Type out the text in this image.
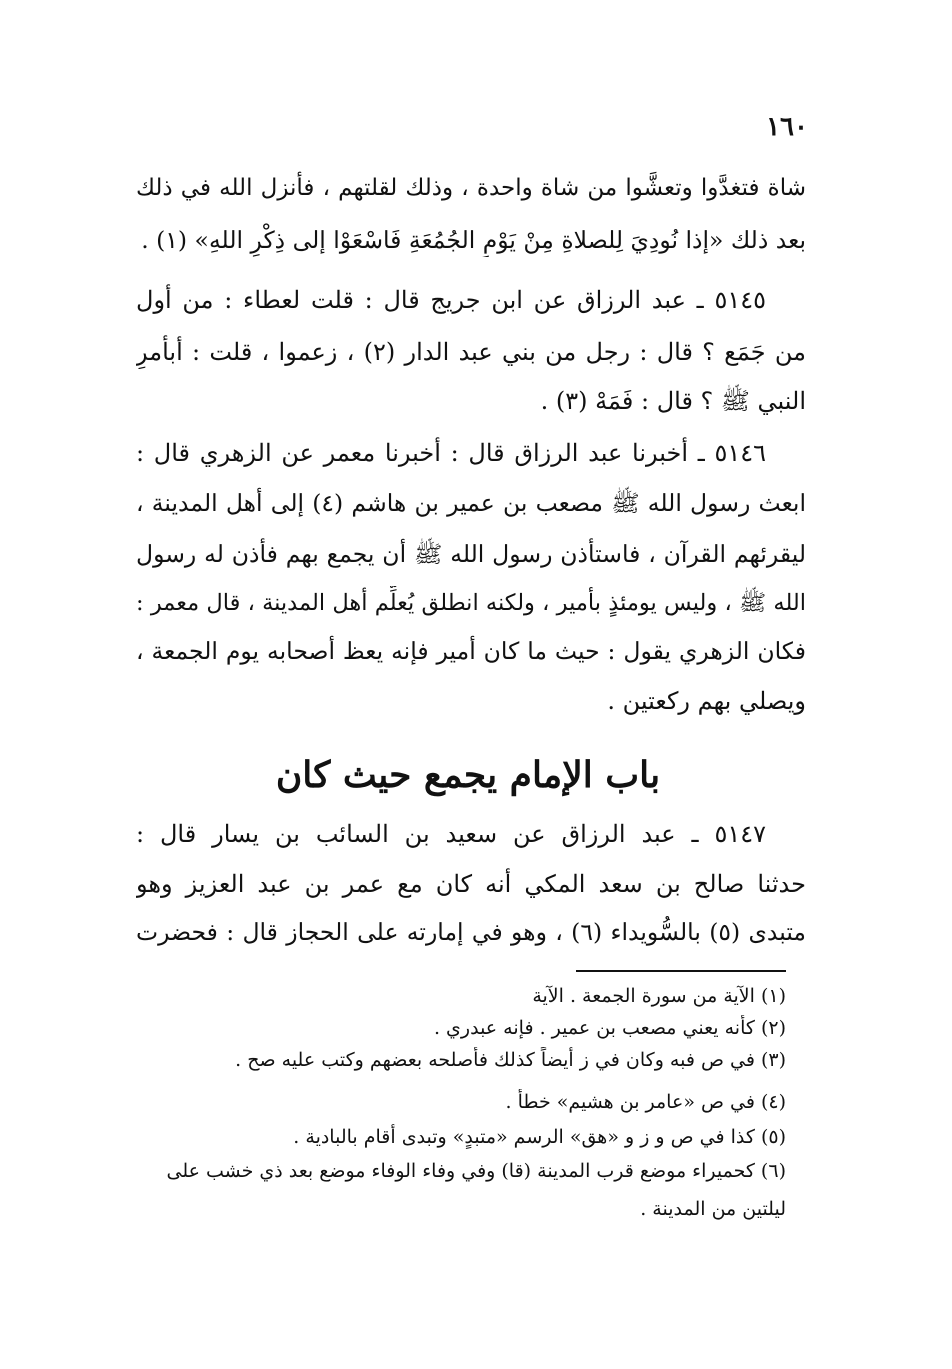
١٦٠
شاة فتغدَّوا وتعشَّوا من شاة واحدة ، وذلك لقلتهم ، فأنزل الله في ذلك
بعد ذلك «إذا نُودِيَ لِلصلاةِ مِنْ يَوْمِ الجُمُعَةِ فَاسْعَوْا إلى ذِكْرِ اللهِ» (١) .
٥١٤٥ ـ عبد الرزاق عن ابن جريج قال : قلت لعطاء : من أول
من جَمَع ؟ قال : رجل من بني عبد الدار (٢) ، زعموا ، قلت : أبأمرِ
النبي ﷺ ؟ قال : فَمَهْ (٣) .
٥١٤٦ ـ أخبرنا عبد الرزاق قال : أخبرنا معمر عن الزهري قال :
ابعث رسول الله ﷺ مصعب بن عمير بن هاشم (٤) إلى أهل المدينة ،
ليقرئهم القرآن ، فاستأذن رسول الله ﷺ أن يجمع بهم فأذن له رسول
الله ﷺ ، وليس يومئذٍ بأمير ، ولكنه انطلق يُعلِّم أهل المدينة ، قال معمر :
فكان الزهري يقول : حيث ما كان أمير فإنه يعظ أصحابه يوم الجمعة ،
ويصلي بهم ركعتين .
باب الإمام يجمع حيث كان
٥١٤٧ ـ عبد الرزاق عن سعيد بن السائب بن يسار قال :
حدثنا صالح بن سعد المكي أنه كان مع عمر بن عبد العزيز وهو
متبدى (٥) بالسُّويداء (٦) ، وهو في إمارته على الحجاز قال : فحضرت
(١) الآية من سورة الجمعة . الآية
(٢) كأنه يعني مصعب بن عمير . فإنه عبدري .
(٣) في ص فبه وكان في ز أيضاً كذلك فأصلحه بعضهم وكتب عليه صح .
(٤) في ص «عامر بن هشيم» خطأ .
(٥) كذا في ص و ز و «هق» الرسم «متبدٍ» وتبدى أقام بالبادية .
(٦) كحميراء موضع قرب المدينة (قا) وفي وفاء الوفاء موضع بعد ذي خشب على
ليلتين من المدينة .
